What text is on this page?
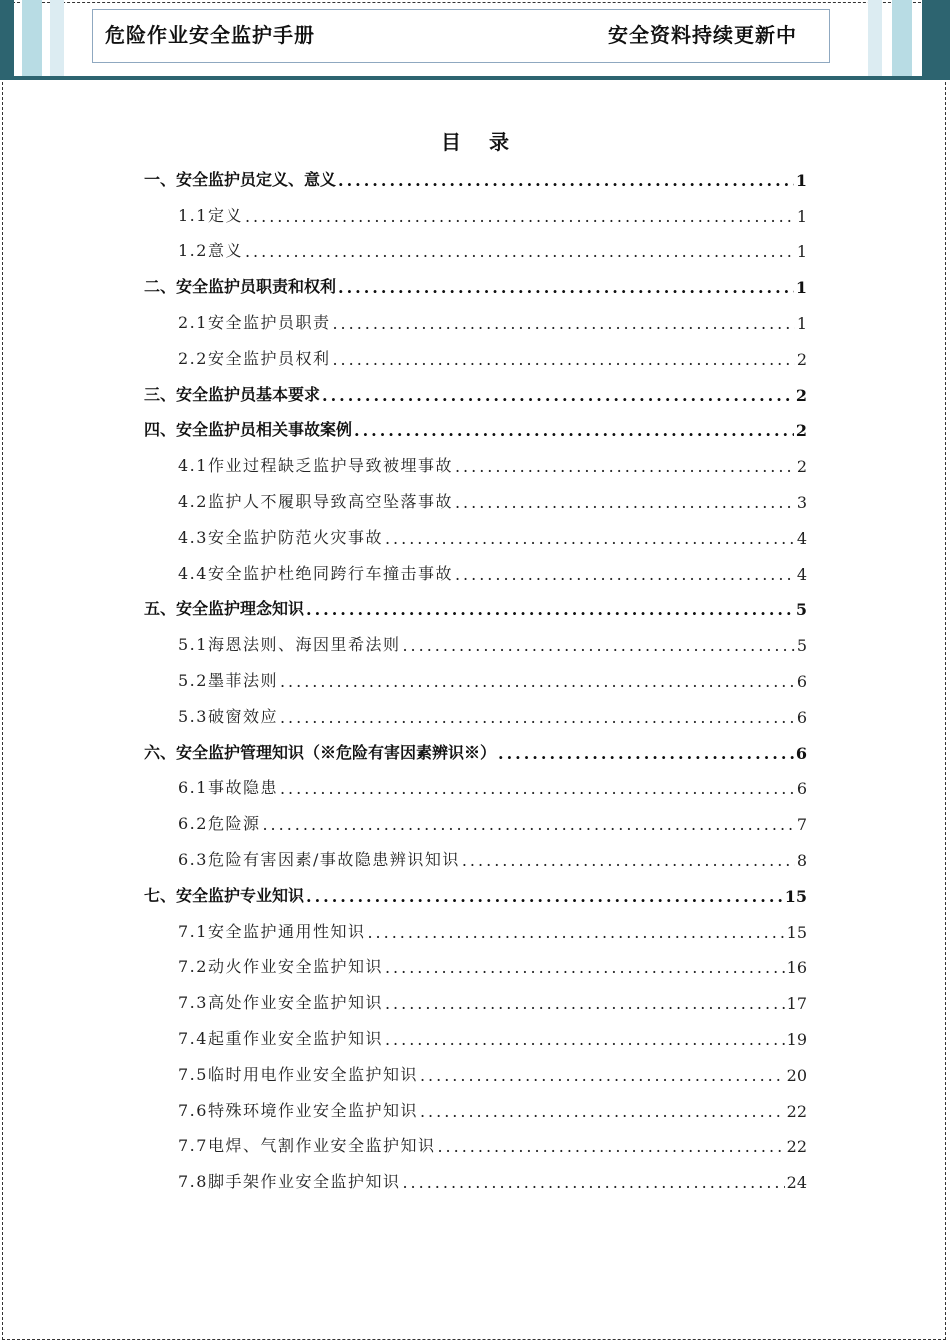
危险作业安全监护手册	安全资料持续更新中
目录
一、安全监护员定义、意义 .....	1
1.1定义 .....	1
1.2意义 .....	1
二、安全监护员职责和权利 .....	1
2.1安全监护员职责 .....	1
2.2安全监护员权利 .....	2
三、安全监护员基本要求 .....	2
四、安全监护员相关事故案例 .....	2
4.1作业过程缺乏监护导致被埋事故 .....	2
4.2监护人不履职导致高空坠落事故 .....	3
4.3安全监护防范火灾事故 .....	4
4.4安全监护杜绝同跨行车撞击事故 .....	4
五、安全监护理念知识 .....	5
5.1海恩法则、海因里希法则 .....	5
5.2墨菲法则 .....	6
5.3破窗效应 .....	6
六、安全监护管理知识（※危险有害因素辨识※） .....	6
6.1事故隐患 .....	6
6.2危险源 .....	7
6.3危险有害因素/事故隐患辨识知识 .....	8
七、安全监护专业知识 .....	15
7.1安全监护通用性知识 .....	15
7.2动火作业安全监护知识 .....	16
7.3高处作业安全监护知识 .....	17
7.4起重作业安全监护知识 .....	19
7.5临时用电作业安全监护知识 .....	20
7.6特殊环境作业安全监护知识 .....	22
7.7电焊、气割作业安全监护知识 .....	22
7.8脚手架作业安全监护知识 .....	24
